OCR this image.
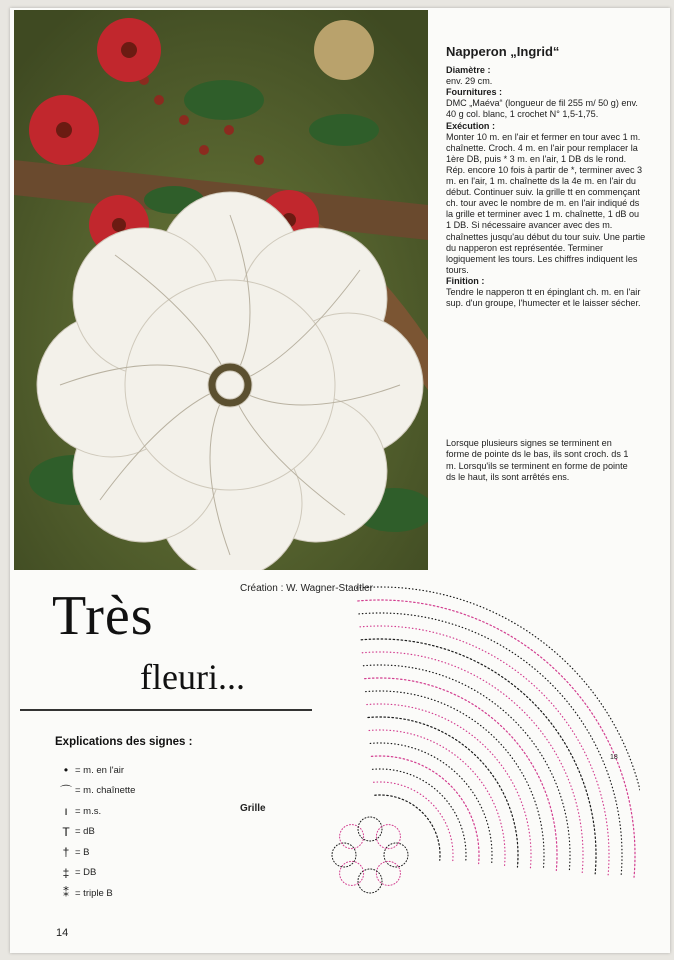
Napperon „Ingrid“

Diamètre :

env. 29 cm.

Fournitures :

DMC „Maéva“ (longueur de fil 255 m/ 50 g) env. 40 g col. blanc, 1 crochet N° 1,5-1,75.

Exécution :

Monter 10 m. en l'air et fermer en tour avec 1 m. chaînette. Croch. 4 m. en l'air pour remplacer la 1ère DB, puis * 3 m. en l'air, 1 DB ds le rond. Rép. encore 10 fois à partir de *, terminer avec 3 m. en l'air, 1 m. chaînette ds la 4e m. en l'air du début. Continuer suiv. la grille tt en commençant ch. tour avec le nombre de m. en l'air indiqué ds la grille et terminer avec 1 m. chaînette, 1 dB ou 1 DB. Si nécessaire avancer avec des m. chaînettes jusqu'au début du tour suiv. Une partie du napperon est représentée. Terminer logiquement les tours. Les chiffres indiquent les tours.

Finition :

Tendre le napperon tt en épinglant ch. m. en l'air sup. d'un groupe, l'humecter et le laisser sécher.

Lorsque plusieurs signes se terminent en forme de pointe ds le bas, ils sont croch. ds 1 m. Lorsqu'ils se terminent en forme de pointe ds le haut, ils sont arrêtés ens.
Création : W. Wagner-Stadtler
Très
fleuri...
Explications des signes :
• = m. en l'air
⌒ = m. chaînette
ı = m.s.
T = dB
† = B
‡ = DB
⁑ = triple B
Grille
14
18
